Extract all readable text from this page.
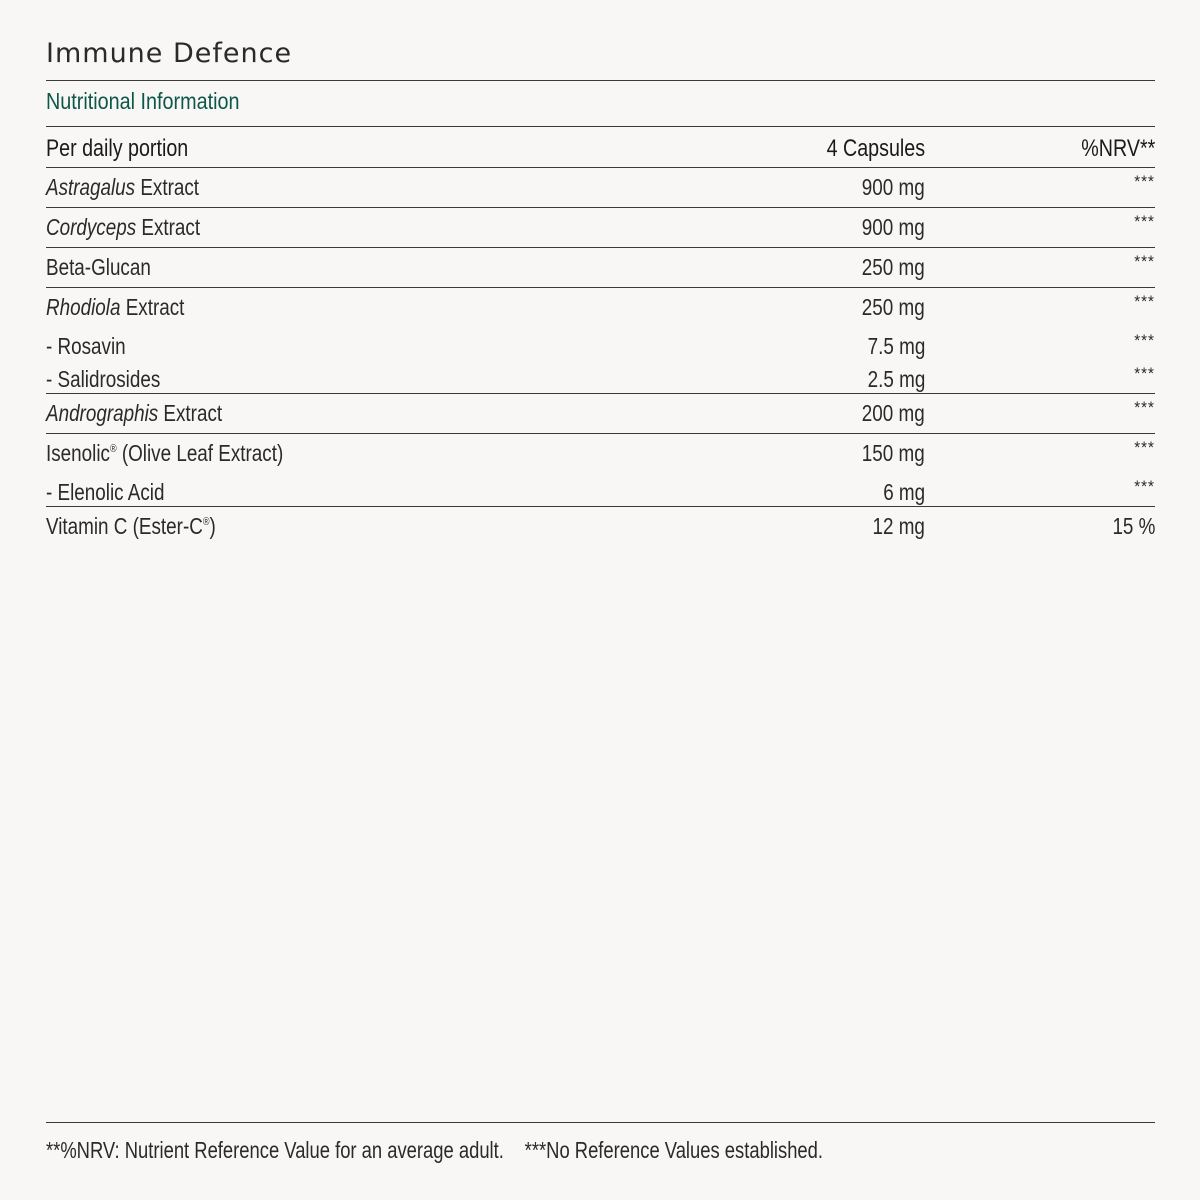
Immune Defence
Nutritional Information
Per daily portion	4 Capsules	%NRV**
Astragalus Extract	900 mg	***
Cordyceps Extract	900 mg	***
Beta-Glucan	250 mg	***
Rhodiola Extract	250 mg	***
- Rosavin	7.5 mg	***
- Salidrosides	2.5 mg	***
Andrographis Extract	200 mg	***
Isenolic® (Olive Leaf Extract)	150 mg	***
- Elenolic Acid	6 mg	***
Vitamin C (Ester-C®)	12 mg	15 %
**%NRV: Nutrient Reference Value for an average adult. ***No Reference Values established.
